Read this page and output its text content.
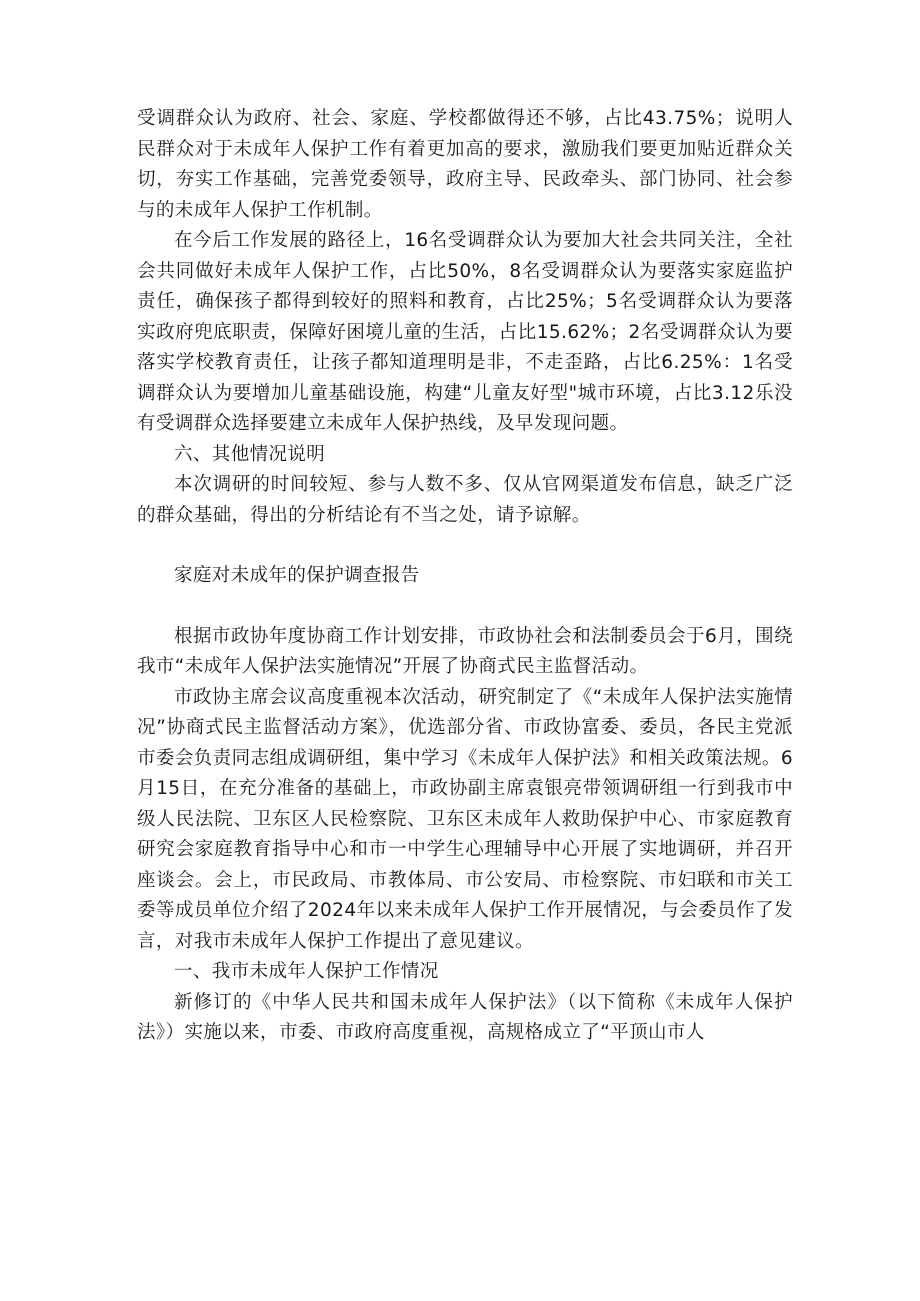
受调群众认为政府、社会、家庭、学校都做得还不够，占比43.75%；说明人民群众对于未成年人保护工作有着更加高的要求，激励我们要更加贴近群众关切，夯实工作基础，完善党委领导，政府主导、民政牵头、部门协同、社会参与的未成年人保护工作机制。

在今后工作发展的路径上，16名受调群众认为要加大社会共同关注，全社会共同做好未成年人保护工作，占比50%，8名受调群众认为要落实家庭监护责任，确保孩子都得到较好的照料和教育，占比25%；5名受调群众认为要落实政府兜底职责，保障好困境儿童的生活，占比15.62%；2名受调群众认为要落实学校教育责任，让孩子都知道理明是非，不走歪路，占比6.25%：1名受调群众认为要增加儿童基础设施，构建“儿童友好型"城市环境，占比3.12乐没有受调群众选择要建立未成年人保护热线，及早发现问题。

六、其他情况说明

本次调研的时间较短、参与人数不多、仅从官网渠道发布信息，缺乏广泛的群众基础，得出的分析结论有不当之处，请予谅解。

家庭对未成年的保护调查报告

根据市政协年度协商工作计划安排，市政协社会和法制委员会于6月，围绕我市“未成年人保护法实施情况”开展了协商式民主监督活动。

市政协主席会议高度重视本次活动，研究制定了《“未成年人保护法实施情况”协商式民主监督活动方案》，优选部分省、市政协富委、委员，各民主党派市委会负责同志组成调研组，集中学习《未成年人保护法》和相关政策法规。6月15日，在充分准备的基础上，市政协副主席袁银亮带领调研组一行到我市中级人民法院、卫东区人民检察院、卫东区未成年人救助保护中心、市家庭教育研究会家庭教育指导中心和市一中学生心理辅导中心开展了实地调研，并召开座谈会。会上，市民政局、市教体局、市公安局、市检察院、市妇联和市关工委等成员单位介绍了2024年以来未成年人保护工作开展情况，与会委员作了发言，对我市未成年人保护工作提出了意见建议。

一、我市未成年人保护工作情况

新修订的《中华人民共和国未成年人保护法》（以下简称《未成年人保护法》）实施以来，市委、市政府高度重视，高规格成立了“平顶山市人
